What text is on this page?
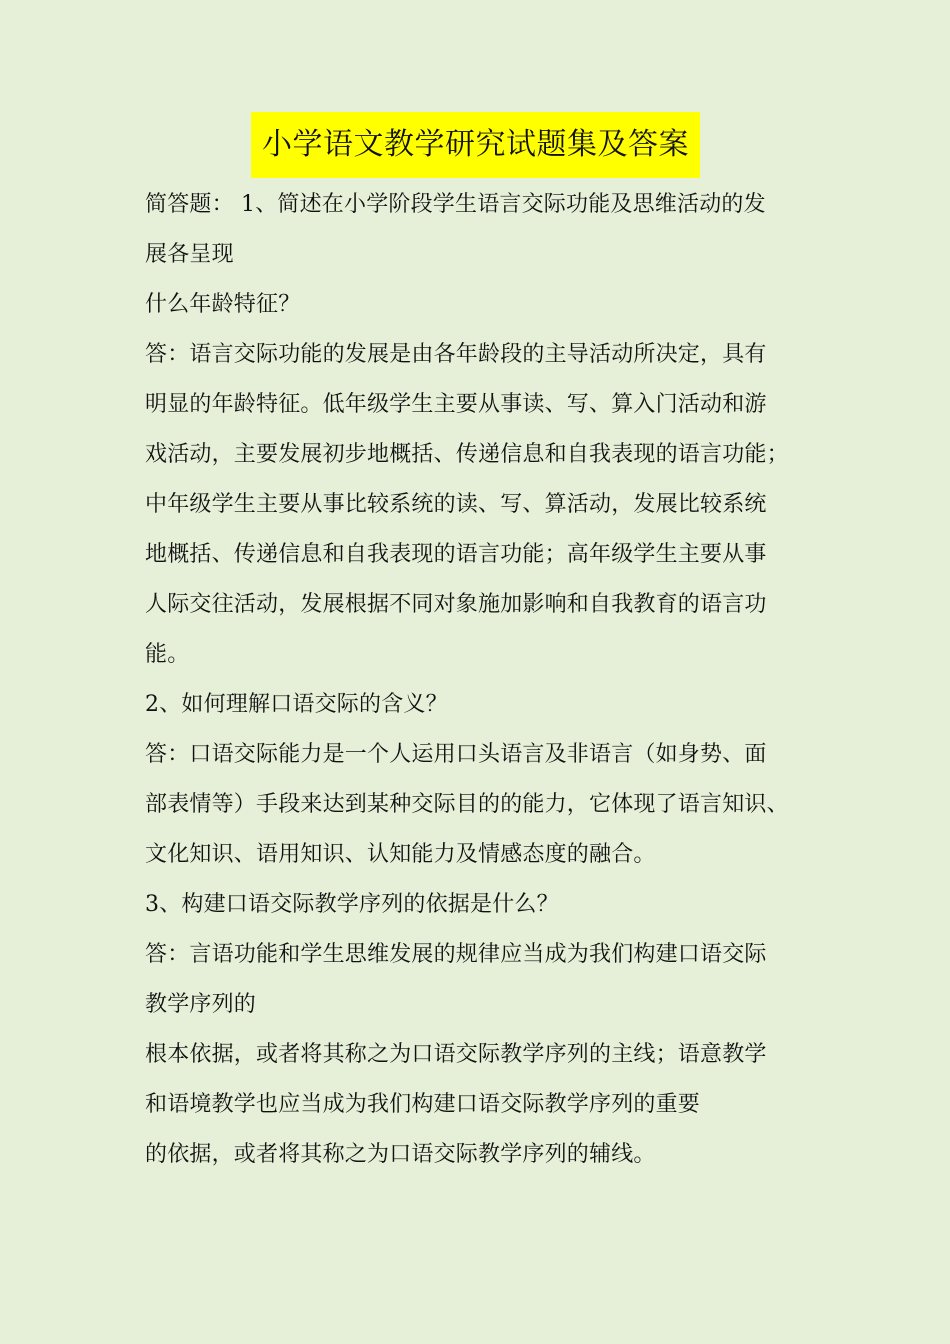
小学语文教学研究试题集及答案
简答题： 1、简述在小学阶段学生语言交际功能及思维活动的发
展各呈现
什么年龄特征？
答：语言交际功能的发展是由各年龄段的主导活动所决定，具有
明显的年龄特征。低年级学生主要从事读、写、算入门活动和游
戏活动，主要发展初步地概括、传递信息和自我表现的语言功能；
中年级学生主要从事比较系统的读、写、算活动，发展比较系统
地概括、传递信息和自我表现的语言功能；高年级学生主要从事
人际交往活动，发展根据不同对象施加影响和自我教育的语言功
能。
2、如何理解口语交际的含义？
答：口语交际能力是一个人运用口头语言及非语言（如身势、面
部表情等）手段来达到某种交际目的的能力，它体现了语言知识、
文化知识、语用知识、认知能力及情感态度的融合。
3、构建口语交际教学序列的依据是什么？
答：言语功能和学生思维发展的规律应当成为我们构建口语交际
教学序列的
根本依据，或者将其称之为口语交际教学序列的主线；语意教学
和语境教学也应当成为我们构建口语交际教学序列的重要
的依据，或者将其称之为口语交际教学序列的辅线。
